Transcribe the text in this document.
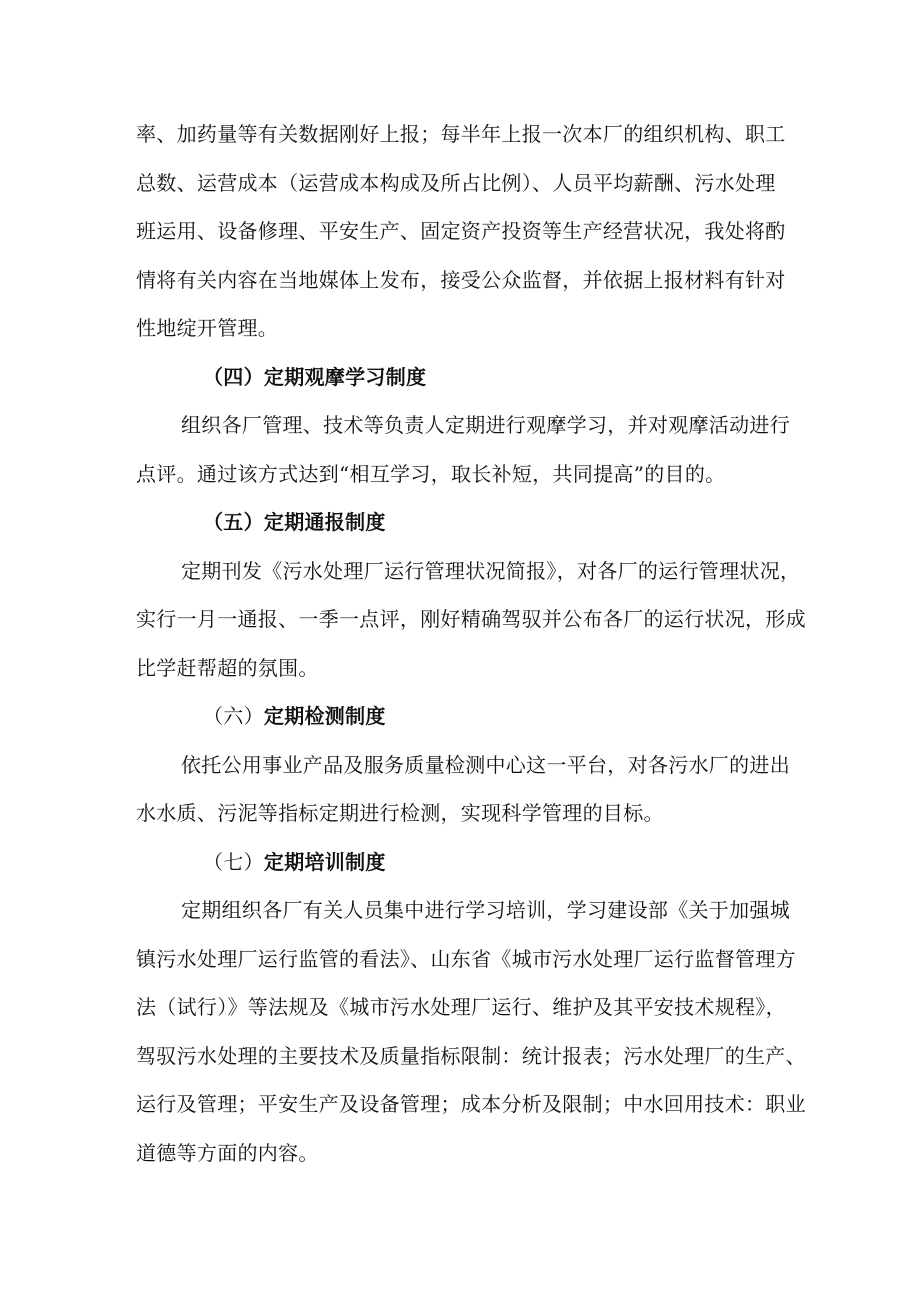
率、加药量等有关数据刚好上报；每半年上报一次本厂的组织机构、职工
总数、运营成本（运营成本构成及所占比例）、人员平均薪酬、污水处理
班运用、设备修理、平安生产、固定资产投资等生产经营状况，我处将酌
情将有关内容在当地媒体上发布，接受公众监督，并依据上报材料有针对
性地绽开管理。

（四）定期观摩学习制度

组织各厂管理、技术等负责人定期进行观摩学习，并对观摩活动进行
点评。通过该方式达到“相互学习，取长补短，共同提高”的目的。

（五）定期通报制度

定期刊发《污水处理厂运行管理状况简报》，对各厂的运行管理状况，
实行一月一通报、一季一点评，刚好精确驾驭并公布各厂的运行状况，形成
比学赶帮超的氛围。

（六）定期检测制度

依托公用事业产品及服务质量检测中心这一平台，对各污水厂的进出
水水质、污泥等指标定期进行检测，实现科学管理的目标。

（七）定期培训制度

定期组织各厂有关人员集中进行学习培训，学习建设部《关于加强城
镇污水处理厂运行监管的看法》、山东省《城市污水处理厂运行监督管理方
法（试行）》等法规及《城市污水处理厂运行、维护及其平安技术规程》，
驾驭污水处理的主要技术及质量指标限制：统计报表；污水处理厂的生产、
运行及管理；平安生产及设备管理；成本分析及限制；中水回用技术：职业
道德等方面的内容。
